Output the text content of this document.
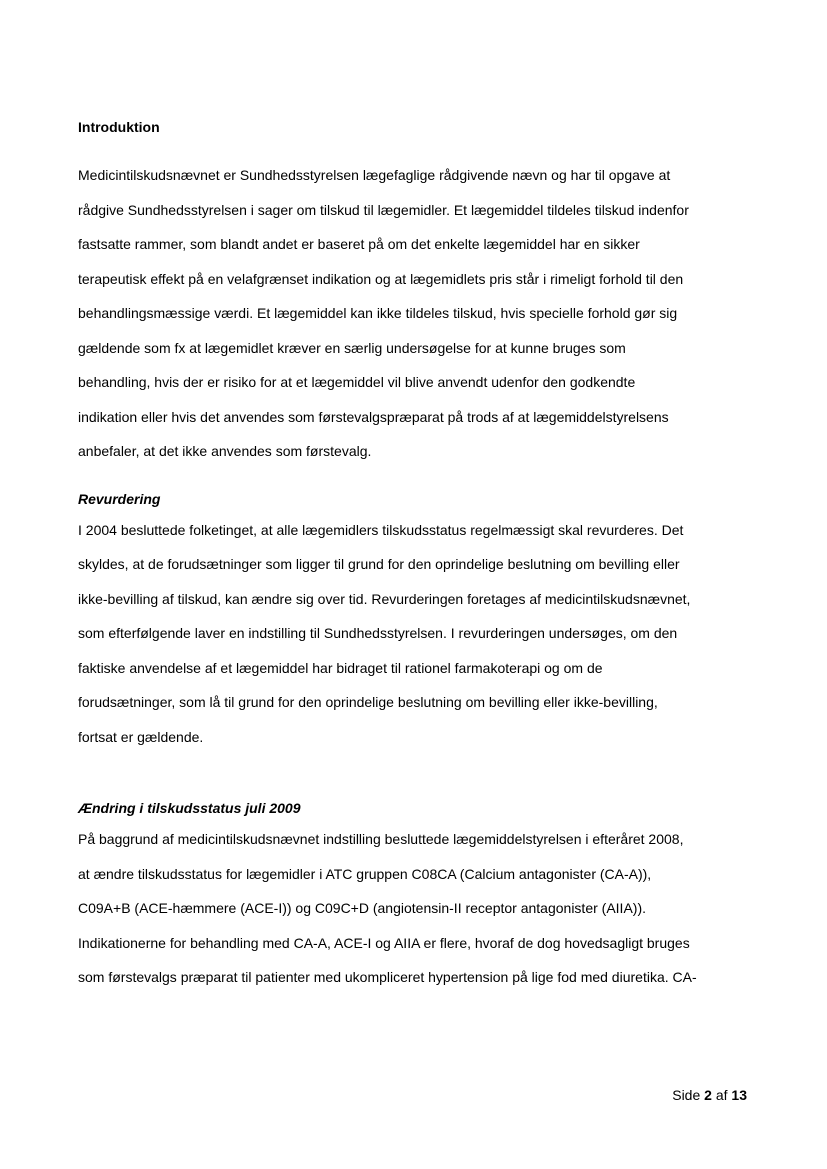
Introduktion

Medicintilskudsnævnet er Sundhedsstyrelsen lægefaglige rådgivende nævn og har til opgave at
rådgive Sundhedsstyrelsen i sager om tilskud til lægemidler. Et lægemiddel tildeles tilskud indenfor
fastsatte rammer, som blandt andet er baseret på om det enkelte lægemiddel har en sikker
terapeutisk effekt på en velafgrænset indikation og at lægemidlets pris står i rimeligt forhold til den
behandlingsmæssige værdi. Et lægemiddel kan ikke tildeles tilskud, hvis specielle forhold gør sig
gældende som fx at lægemidlet kræver en særlig undersøgelse for at kunne bruges som
behandling, hvis der er risiko for at et lægemiddel vil blive anvendt udenfor den godkendte
indikation eller hvis det anvendes som førstevalgspræparat på trods af at lægemiddelstyrelsens
anbefaler, at det ikke anvendes som førstevalg.

Revurdering

I 2004 besluttede folketinget, at alle lægemidlers tilskudsstatus regelmæssigt skal revurderes. Det
skyldes, at de forudsætninger som ligger til grund for den oprindelige beslutning om bevilling eller
ikke-bevilling af tilskud, kan ændre sig over tid. Revurderingen foretages af medicintilskudsnævnet,
som efterfølgende laver en indstilling til Sundhedsstyrelsen. I revurderingen undersøges, om den
faktiske anvendelse af et lægemiddel har bidraget til rationel farmakoterapi og om de
forudsætninger, som lå til grund for den oprindelige beslutning om bevilling eller ikke-bevilling,
fortsat er gældende.

Ændring i tilskudsstatus juli 2009

På baggrund af medicintilskudsnævnet indstilling besluttede lægemiddelstyrelsen i efteråret 2008,
at ændre tilskudsstatus for lægemidler i ATC gruppen C08CA (Calcium antagonister (CA-A)),
C09A+B (ACE-hæmmere (ACE-I)) og C09C+D (angiotensin-II receptor antagonister (AIIA)).
Indikationerne for behandling med CA-A, ACE-I og AIIA er flere, hvoraf de dog hovedsagligt bruges
som førstevalgs præparat til patienter med ukompliceret hypertension på lige fod med diuretika. CA-

Side 2 af 13
